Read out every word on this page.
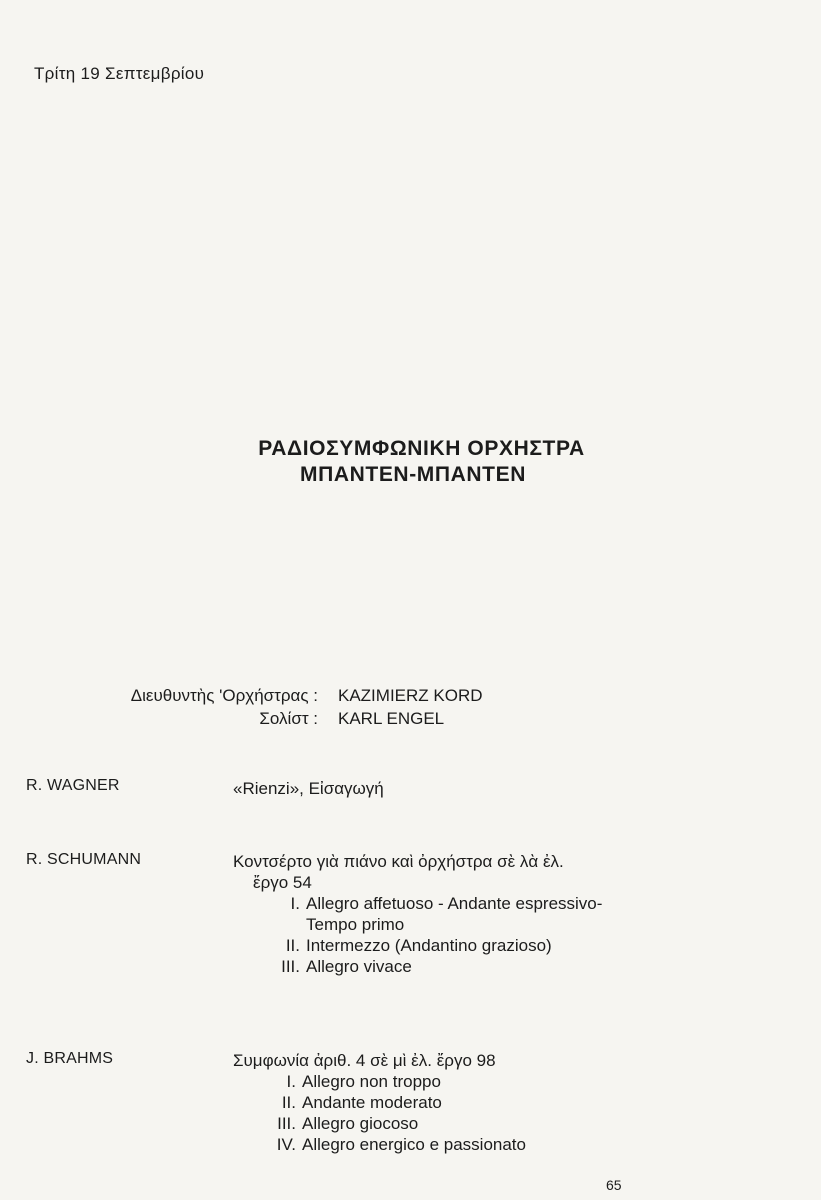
Τρίτη 19 Σεπτεμβρίου
ΡΑΔΙΟΣΥΜΦΩΝΙΚΗ ΟΡΧΗΣΤΡΑ
ΜΠΑΝΤΕΝ-ΜΠΑΝΤΕΝ
Διευθυντὴς 'Ορχήστρας : KAZIMIERZ KORD
Σολίστ : KARL ENGEL
R. WAGNER	«Rienzi», Εἰσαγωγή
R. SCHUMANN	Κοντσέρτο γιὰ πιάνο καὶ ὀρχήστρα σὲ λὰ ἐλ.
ἔργο 54
I. Allegro affetuoso - Andante espressivo-
Tempo primo
II. Intermezzo (Andantino grazioso)
III. Allegro vivace
J. BRAHMS	Συμφωνία ἀριθ. 4 σὲ μὶ ἐλ. ἔργο 98
I. Allegro non troppo
II. Andante moderato
III. Allegro giocoso
IV. Allegro energico e passionato
65
